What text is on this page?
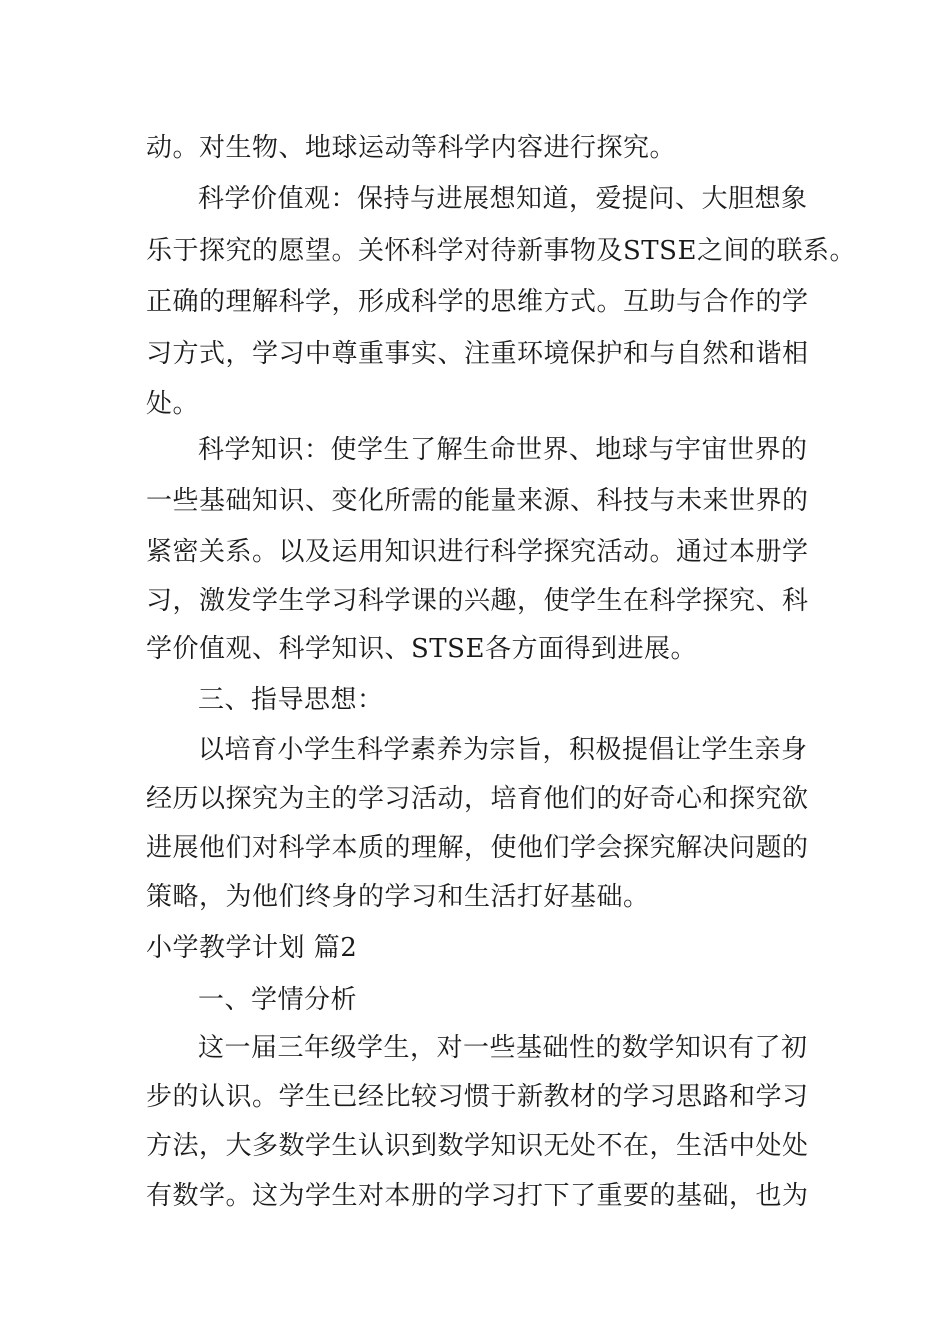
动。对生物、地球运动等科学内容进行探究。
科学价值观：保持与进展想知道，爱提问、大胆想象
乐于探究的愿望。关怀科学对待新事物及STSE之间的联系。
正确的理解科学，形成科学的思维方式。互助与合作的学
习方式，学习中尊重事实、注重环境保护和与自然和谐相
处。
科学知识：使学生了解生命世界、地球与宇宙世界的
一些基础知识、变化所需的能量来源、科技与未来世界的
紧密关系。以及运用知识进行科学探究活动。通过本册学
习，激发学生学习科学课的兴趣，使学生在科学探究、科
学价值观、科学知识、STSE各方面得到进展。
三、指导思想：
以培育小学生科学素养为宗旨，积极提倡让学生亲身
经历以探究为主的学习活动，培育他们的好奇心和探究欲
进展他们对科学本质的理解，使他们学会探究解决问题的
策略，为他们终身的学习和生活打好基础。
小学教学计划 篇2
一、学情分析
这一届三年级学生，对一些基础性的数学知识有了初
步的认识。学生已经比较习惯于新教材的学习思路和学习
方法，大多数学生认识到数学知识无处不在，生活中处处
有数学。这为学生对本册的学习打下了重要的基础，也为
